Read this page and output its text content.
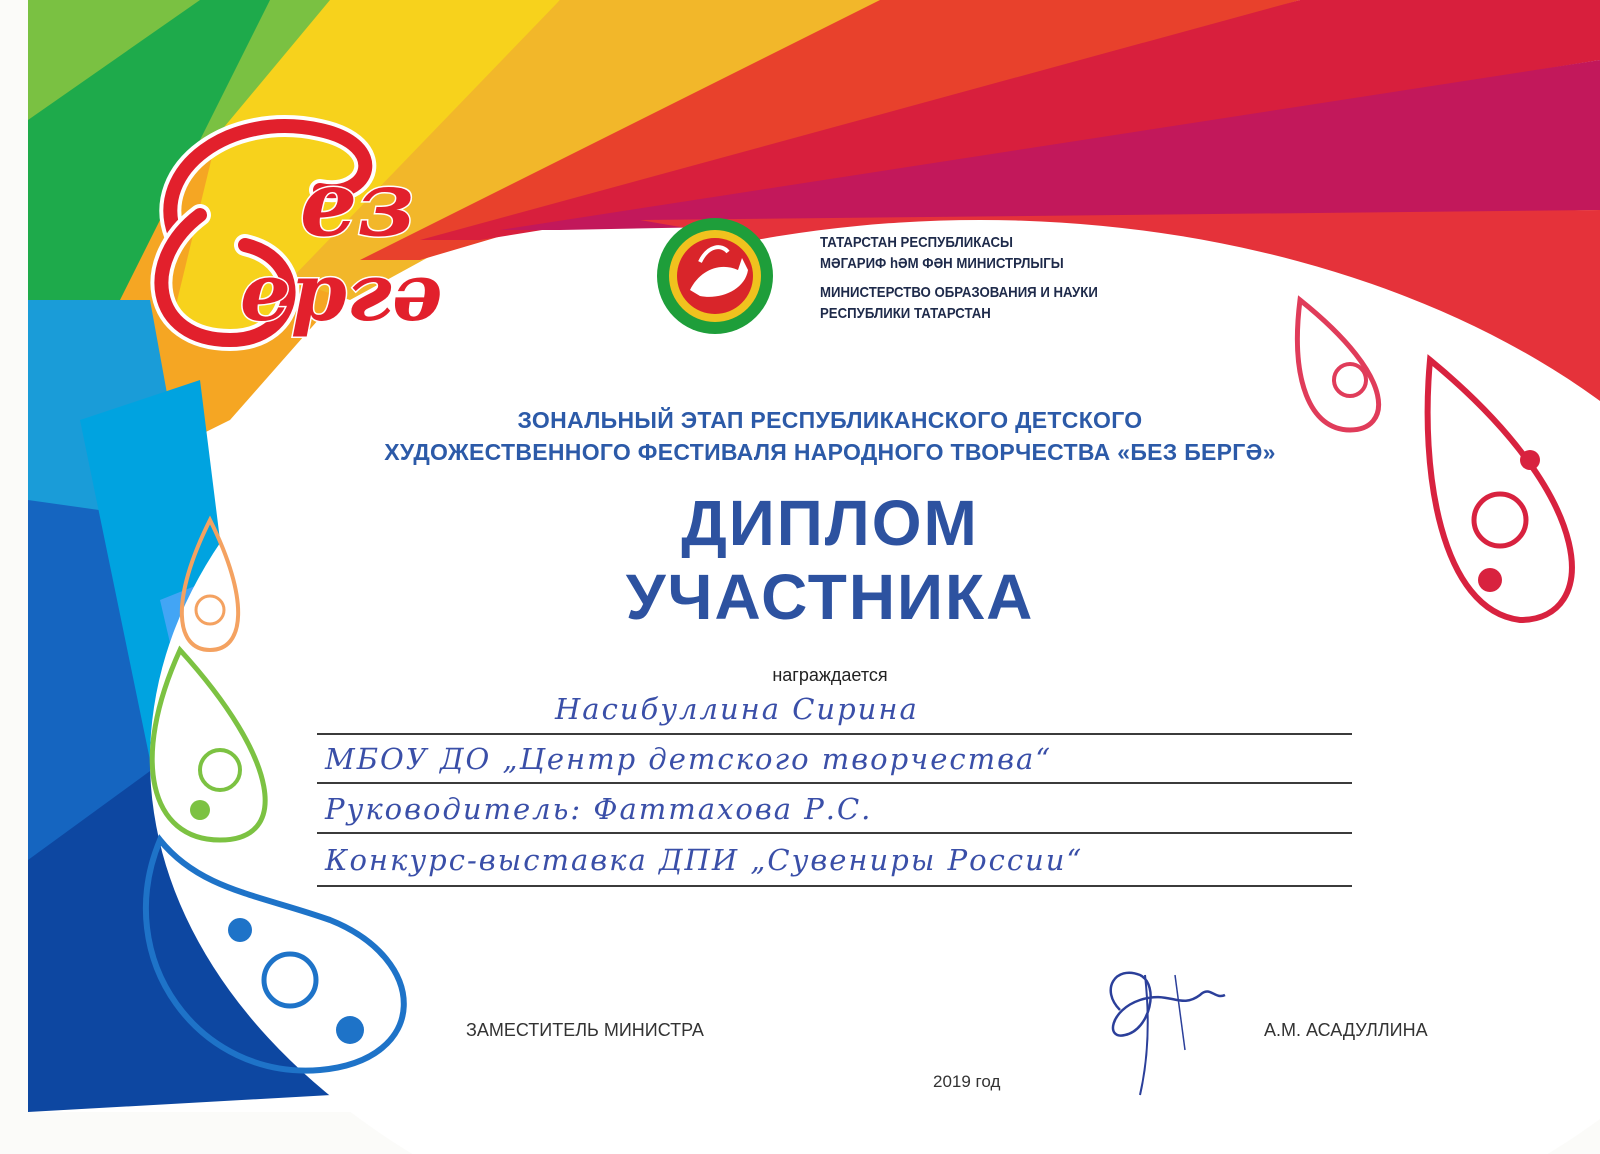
ез
ергә
ТАТАРСТАН РЕСПУБЛИКАСЫ
МӘГАРИФ һӘМ ФӘН МИНИСТРЛЫГЫ
МИНИСТЕРСТВО ОБРАЗОВАНИЯ И НАУКИ
РЕСПУБЛИКИ ТАТАРСТАН
ЗОНАЛЬНЫЙ ЭТАП РЕСПУБЛИКАНСКОГО ДЕТСКОГО
ХУДОЖЕСТВЕННОГО ФЕСТИВАЛЯ НАРОДНОГО ТВОРЧЕСТВА «БЕЗ БЕРГӘ»
ДИПЛОМ
УЧАСТНИКА
награждается
Насибуллина Сирина
МБОУ ДО „Центр детского творчества“
Руководитель: Фаттахова Р.С.
Конкурс-выставка ДПИ „Сувениры России“
ЗАМЕСТИТЕЛЬ МИНИСТРА	А.М. АСАДУЛЛИНА
2019 год
